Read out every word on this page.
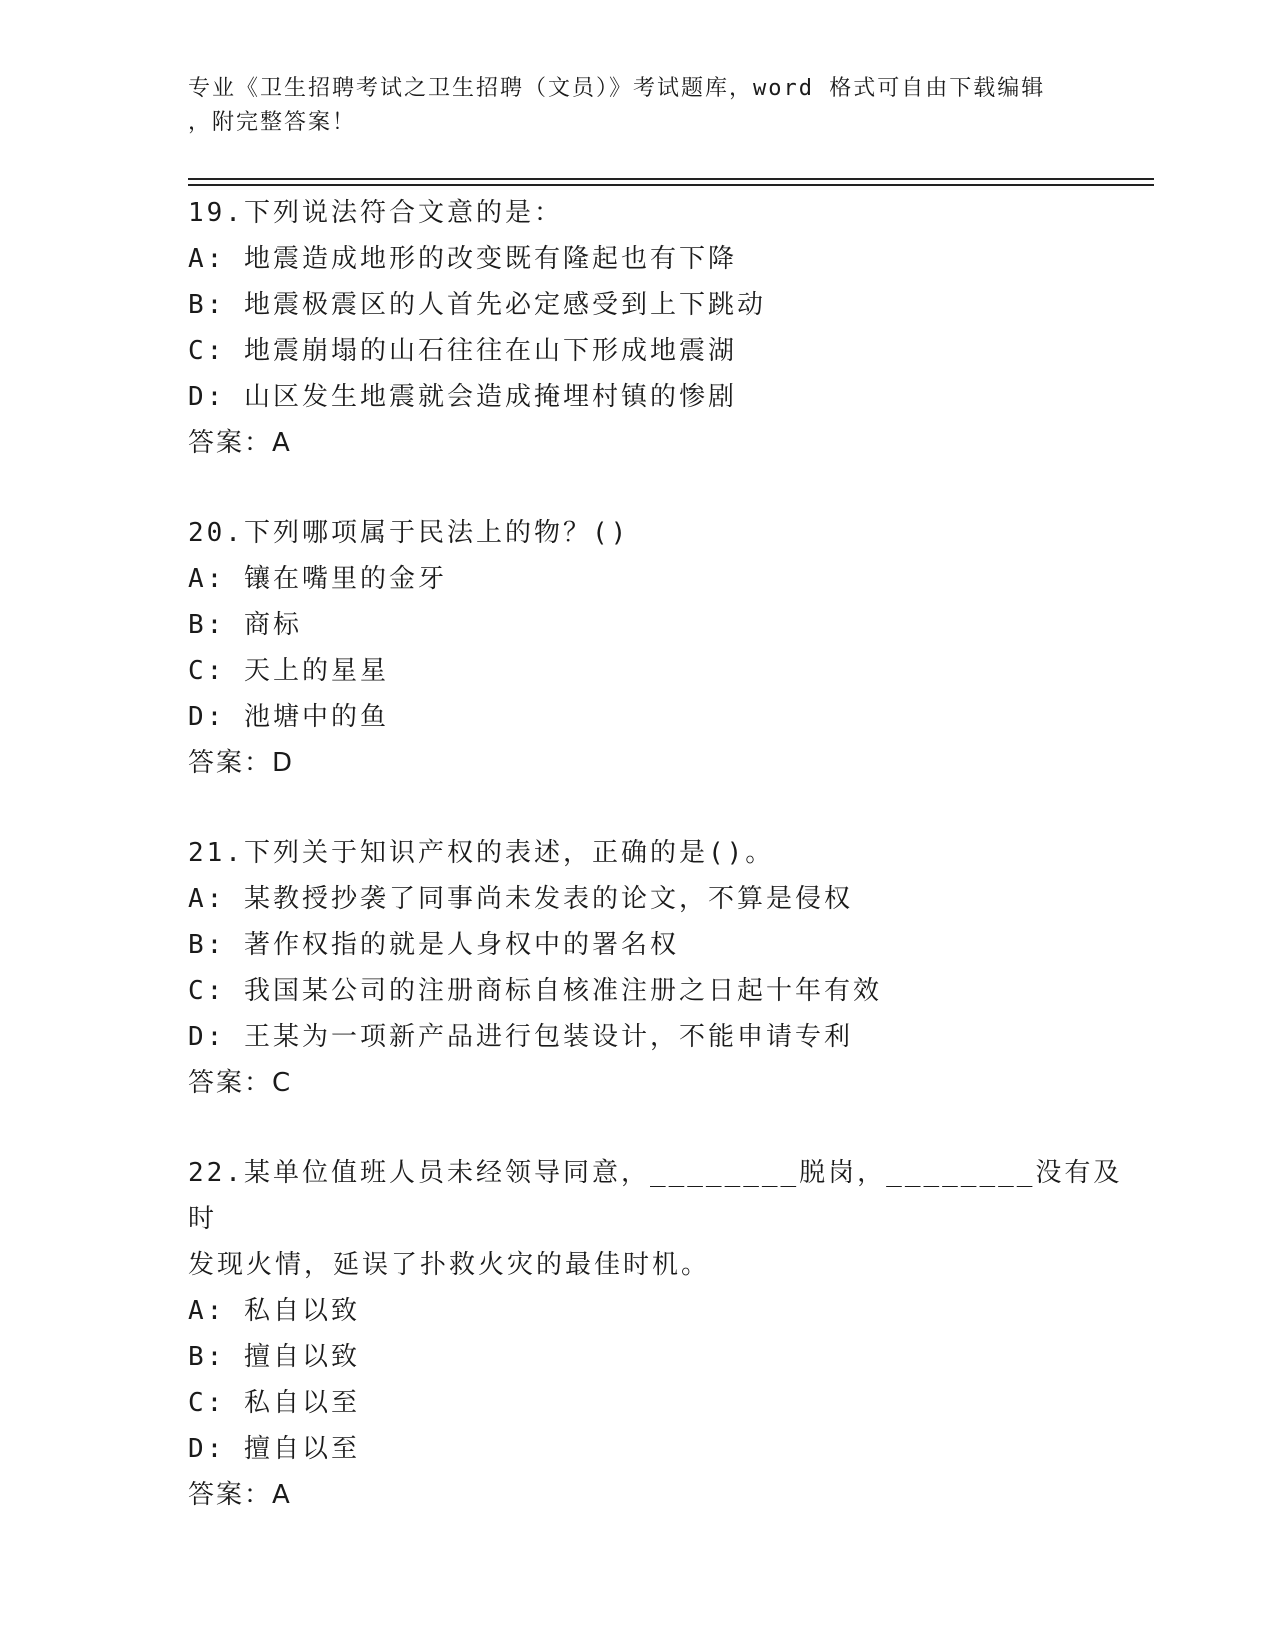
专业《卫生招聘考试之卫生招聘（文员）》考试题库，word 格式可自由下载编辑
，附完整答案！
19.下列说法符合文意的是：
A: 地震造成地形的改变既有隆起也有下降
B: 地震极震区的人首先必定感受到上下跳动
C: 地震崩塌的山石往往在山下形成地震湖
D: 山区发生地震就会造成掩埋村镇的惨剧
答案：A
20.下列哪项属于民法上的物？()
A: 镶在嘴里的金牙
B: 商标
C: 天上的星星
D: 池塘中的鱼
答案：D
21.下列关于知识产权的表述，正确的是()。
A: 某教授抄袭了同事尚未发表的论文，不算是侵权
B: 著作权指的就是人身权中的署名权
C: 我国某公司的注册商标自核准注册之日起十年有效
D: 王某为一项新产品进行包装设计，不能申请专利
答案：C
22.某单位值班人员未经领导同意，________脱岗，________没有及时
发现火情，延误了扑救火灾的最佳时机。
A: 私自以致
B: 擅自以致
C: 私自以至
D: 擅自以至
答案：A
